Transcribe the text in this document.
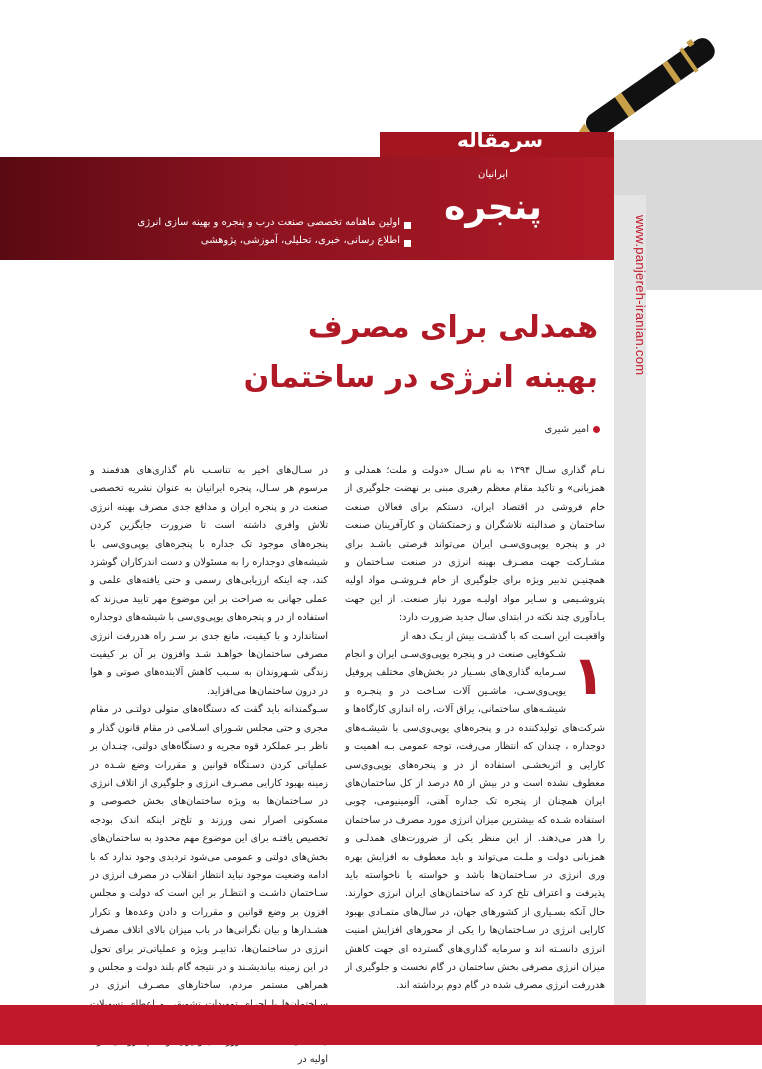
www.panjereh-iranian.com
سرمقاله
ایرانیان
پنجره
اولین ماهنامه تخصصی صنعت درب و پنجره و بهینه سازی انرژی
اطلاع رسانی، خبری، تحلیلی، آموزشی، پژوهشی
همدلی برای مصرف
بهینه انرژی در ساختمان
امیر شیری

نـام گذاری سـال ۱۳۹۴ به نام سـال «دولت و ملت؛ همدلی و همزبانی» و تاکید مقام معظم رهبری مبنی بر نهضت جلوگیری از خام فروشی در اقتصاد ایران، دستکم برای فعالان صنعت ساختمان و صدالبته تلاشگران و زحمتکشان و کارآفرینان صنعت در و پنجره یوپی‌وی‌سـی ایران می‌تواند فرصتی باشـد برای مشـارکت جهت مصـرف بهینه انرژی در صنعت سـاختمان و همچنیـن تدبیر ویژه برای جلوگیری از خام فـروشـی مواد اولیه پتروشـیمی و سـایر مواد اولیـه مورد نیاز صنعت. از این جهت یـادآوری چند نکته در ابتدای سال جدید ضرورت دارد:

واقعیـت این اسـت که با گذشـت بیش از یـک دهه از

۱

شـکوفایی صنعت در و پنجره یوپی‌وی‌سـی ایران و انجام سـرمایه گذاری‌های بسـیار در بخش‌های مختلف پروفیل یوپی‌وی‌سـی، ماشـین آلات سـاخت در و پنجـره و شیشـه‌های ساختمانی، یراق آلات، راه اندازی کارگاه‌ها و شرکت‌های تولیدکننده در و پنجره‌های یوپی‌وی‌سی با شیشـه‌های دوجداره ، چندان که انتظار می‌رفت، توجه عمومی بـه اهمیت و کارایی و اثربخشـی استفاده از در و پنجره‌های یوپی‌وی‌سی معطوف نشده است و در بیش از ۸۵ درصد از کل ساختمان‌های ایران همچنان از پنجره تک جداره آهنی، آلومینیومی، چوبی استفاده شـده که بیشترین میزان انرژی مورد مصرف در ساختمان را هدر می‌دهند. از این منظر یکی از ضرورت‌های همدلـی و همزبانی دولت و ملـت می‌تواند و باید معطوف به افزایش بهره وری انرژی در سـاختمان‌ها باشد و خواسته یا ناخواسته باید پذیرفت و اعتراف تلخ کرد که ساختمان‌های ایران انرژی خوارند. حال آنکه بسـیاری از کشورهای جهان، در سال‌های متمـادی بهبود کارایی انرژی در سـاختمان‌ها را یکی از محورهای افزایش امنیت انرژی دانسـته اند و سرمایه گذاری‌های گسترده ای جهت کاهش میزان انرژی مصرفی بخش ساختمان در گام نخست و جلوگیری از هدررفت انرژی مصرف شده در گام دوم برداشته اند.

در سـال‌های اخیر به تناسـب نام گذاری‌های هدفمند و مرسوم هر سـال، پنجره ایرانیان به عنوان نشریه تخصصی صنعت در و پنجره ایران و مدافع جدی مصرف بهینه انرژی تلاش وافری داشته است تا ضرورت جایگزین کردن پنجره‌های موجود تک جداره با پنجره‌های یوپی‌وی‌سی با شیشه‌های دوجداره را به مسئولان و دست اندرکاران گوشزد کند، چه اینکه ارزیابی‌های رسمی و حتی یافته‌های علمی و عملی جهانی به صراحت بر این موضوع مهر تایید می‌زند که استفاده از در و پنجره‌های یوپی‌وی‌سی با شیشه‌های دوجداره استاندارد و با کیفیت، مانع جدی بر سـر راه هدررفت انرژی مصرفی ساختمان‌ها خواهـد شـد وافزون بر آن بر کیفیت زندگی شـهروندان به سـبب کاهش آلاینده‌های صوتی و هوا در درون ساختمان‌ها می‌افزاید.

سـوگمندانه باید گفت که دستگاه‌های متولی دولتـی در مقام مجری و حتی مجلس شـورای اسـلامی در مقام قانون گذار و ناظر بـر عملکرد قوه مجریه و دستگاه‌های دولتی، چنـدان بر عملیاتی کردن دسـتگاه قوانین و مقررات وضع شـده در زمینه بهبود کارایی مصـرف انرژی و جلوگیری از اتلاف انرژی در سـاختمان‌ها به ویژه ساختمان‌های بخش خصوصی و مسکونی اصرار نمی ورزند و تلخ‌تر اینکه اندک بودجه تخصیص یافتـه برای این موضوع مهم محدود به ساختمان‌های بخش‌های دولتی و عمومی می‌شود تردیدی وجود ندارد که با ادامه وضعیت موجود نباید انتظار انقلاب در مصرف انرژی در سـاختمان داشـت و انتظـار بر این است که دولت و مجلس افزون بر وضع قوانین و مقررات و دادن وعده‌ها و تکرار هشـدارها و بیان نگرانی‌ها در باب میزان بالای اتلاف مصرف انرژی در ساختمان‌ها، تدابیـر ویژه و عملیاتی‌تر برای تحول در این زمینه بیاندیشـند و در نتیجه گام بلند دولت و مجلس و همراهی مستمر مردم، ساختارهای مصـرف انرژی در

اولیه در
